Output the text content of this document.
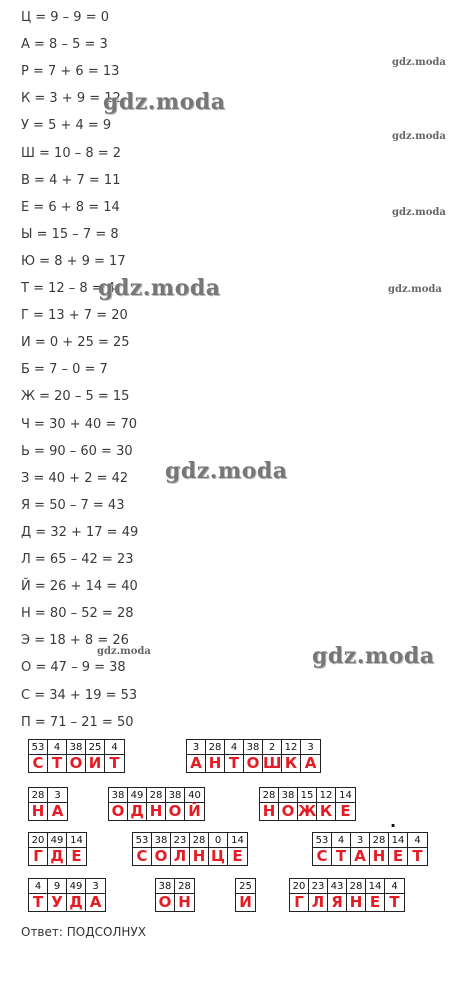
Ц = 9 – 9 = 0
А = 8 – 5 = 3
Р = 7 + 6 = 13
К = 3 + 9 = 12
У = 5 + 4 = 9
Ш = 10 – 8 = 2
В = 4 + 7 = 11
Е = 6 + 8 = 14
Ы = 15 – 7 = 8
Ю = 8 + 9 = 17
Т = 12 – 8 = 4
Г = 13 + 7 = 20
И = 0 + 25 = 25
Б = 7 – 0 = 7
Ж = 20 – 5 = 15
Ч = 30 + 40 = 70
Ь = 90 – 60 = 30
З = 40 + 2 = 42
Я = 50 – 7 = 43
Д = 32 + 17 = 49
Л = 65 – 42 = 23
Й = 26 + 14 = 40
Н = 80 – 52 = 28
Э = 18 + 8 = 26
О = 47 – 9 = 38
С = 34 + 19 = 53
П = 71 – 21 = 50
gdz.moda
gdz.moda
gdz.moda
gdz.moda
gdz.moda	gdz.moda
gdz.moda
gdz.moda	gdz.moda
53 4 38 25 4
С Т О И Т
3 28 4 38 2 12 3
А Н Т О Ш К А
28 3
Н А
38 49 28 38 40
О Д Н О Й
28 38 15 12 14
Н О Ж К Е
20 49 14
Г Д Е
53 38 23 28 0 14
С О Л Н Ц Е
53 4	3 28 14 4
С Т А Н Е Т
4	9 49 3
Т У Д А
38 28
О Н
25
И
20 23 43 28 14 4
Г Л Я Н Е Т
.
Ответ: ПОДСОЛНУХ
